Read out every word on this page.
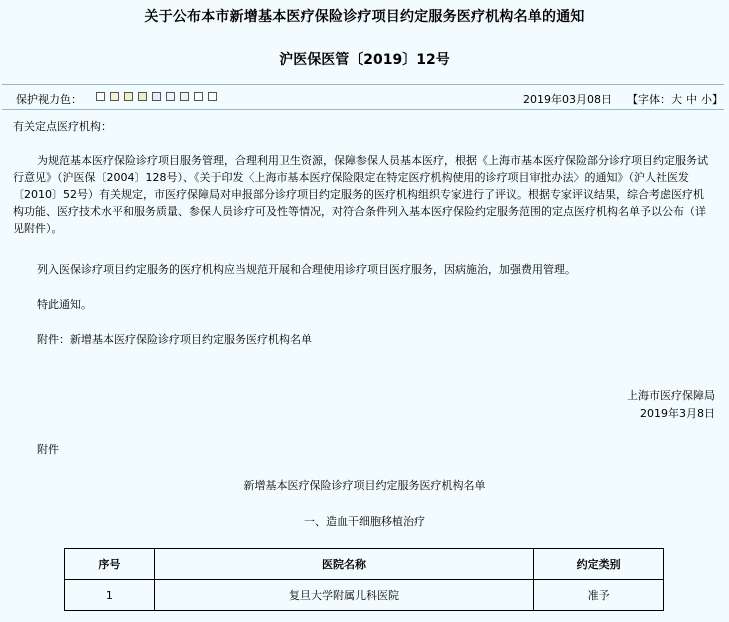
关于公布本市新增基本医疗保险诊疗项目约定服务医疗机构名单的通知
沪医保医管〔2019〕12号
保护视力色：	2019年03月08日 【字体：大 中 小】
有关定点医疗机构：
为规范基本医疗保险诊疗项目服务管理，合理利用卫生资源，保障参保人员基本医疗，根据《上海市基本医疗保险部分诊疗项目约定服务试行意见》（沪医保〔2004〕128号）、《关于印发〈上海市基本医疗保险限定在特定医疗机构使用的诊疗项目审批办法〉的通知》（沪人社医发〔2010〕52号）有关规定，市医疗保障局对申报部分诊疗项目约定服务的医疗机构组织专家进行了评议。根据专家评议结果，综合考虑医疗机构功能、医疗技术水平和服务质量、参保人员诊疗可及性等情况，对符合条件列入基本医疗保险约定服务范围的定点医疗机构名单予以公布（详见附件）。
列入医保诊疗项目约定服务的医疗机构应当规范开展和合理使用诊疗项目医疗服务，因病施治，加强费用管理。
特此通知。
附件：新增基本医疗保险诊疗项目约定服务医疗机构名单
上海市医疗保障局
2019年3月8日
附件
新增基本医疗保险诊疗项目约定服务医疗机构名单
一、造血干细胞移植治疗
序号	医院名称	约定类别
1	复旦大学附属儿科医院	准予
